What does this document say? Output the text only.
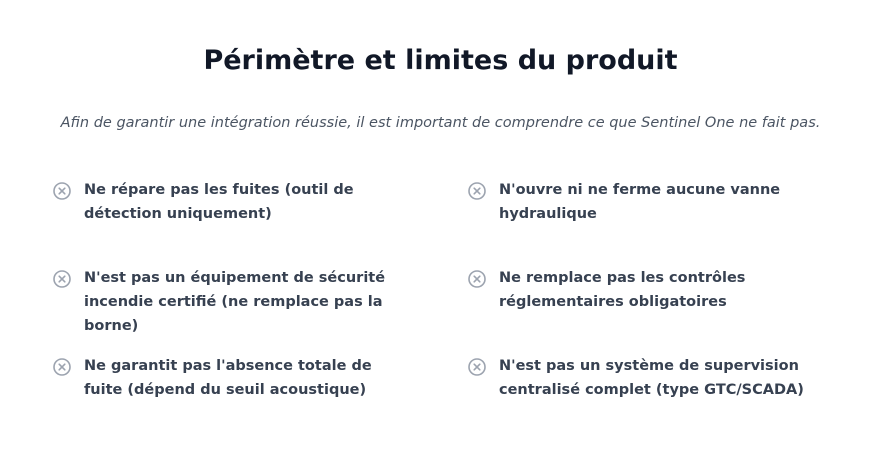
Périmètre et limites du produit

Afin de garantir une intégration réussie, il est important de comprendre ce que Sentinel One ne fait pas.

Ne répare pas les fuites (outil de détection uniquement)
N'ouvre ni ne ferme aucune vanne hydraulique
N'est pas un équipement de sécurité incendie certifié (ne remplace pas la borne)
Ne remplace pas les contrôles réglementaires obligatoires
Ne garantit pas l'absence totale de fuite (dépend du seuil acoustique)
N'est pas un système de supervision centralisé complet (type GTC/SCADA)
